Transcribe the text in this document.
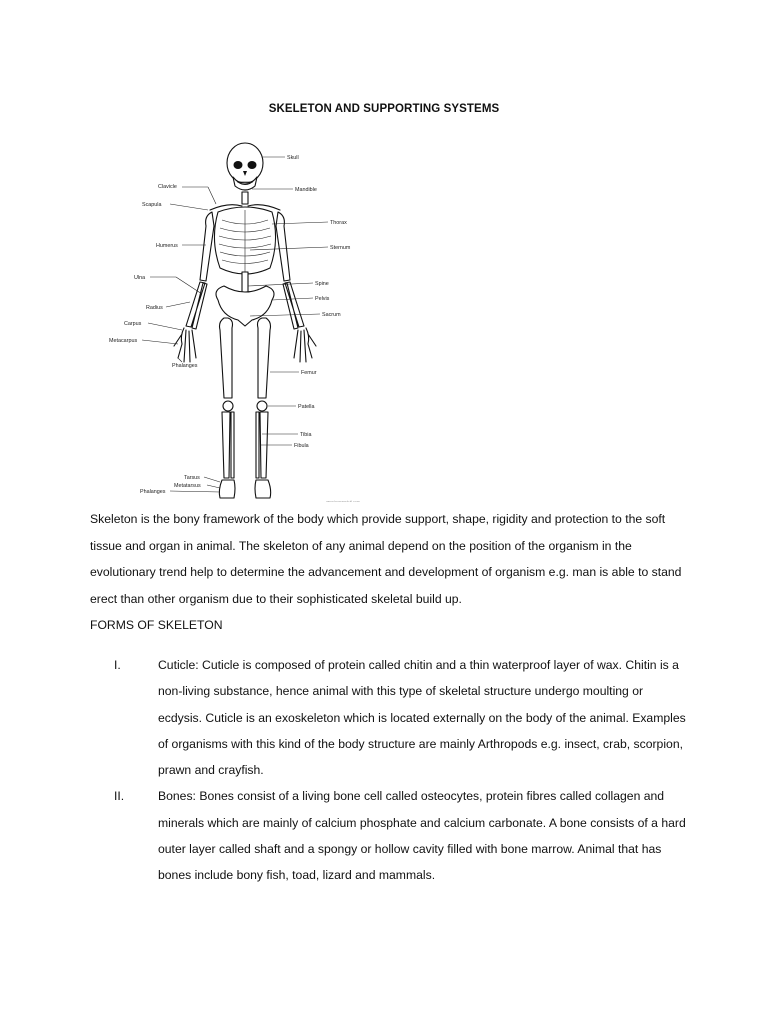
SKELETON AND SUPPORTING SYSTEMS
Skull
Clavicle	Mandible
Scapula
Thorax
Humerus	Sternum
Ulna
Spine
Pelvis
Radius
Sacrum
Carpus
Metacarpus
Phalanges
Femur
Patella
Tibia
Fibula
Tarsus
Metatarsus
Phalanges
www.humanskull.com

Skeleton is the bony framework of the body which provide support, shape, rigidity and protection to the soft tissue and organ in animal. The skeleton of any animal depend on the position of the organism in the evolutionary trend help to determine the advancement and development of organism e.g. man is able to stand erect than other organism due to their sophisticated skeletal build up.

FORMS OF SKELETON
I.	Cuticle: Cuticle is composed of protein called chitin and a thin waterproof layer of wax. Chitin is a non-living substance, hence animal with this type of skeletal structure undergo moulting or ecdysis. Cuticle is an exoskeleton which is located externally on the body of the animal. Examples of organisms with this kind of the body structure are mainly Arthropods e.g. insect, crab, scorpion, prawn and crayfish.
II.	Bones: Bones consist of a living bone cell called osteocytes, protein fibres called collagen and minerals which are mainly of calcium phosphate and calcium carbonate. A bone consists of a hard outer layer called shaft and a spongy or hollow cavity filled with bone marrow. Animal that has bones include bony fish, toad, lizard and mammals.
